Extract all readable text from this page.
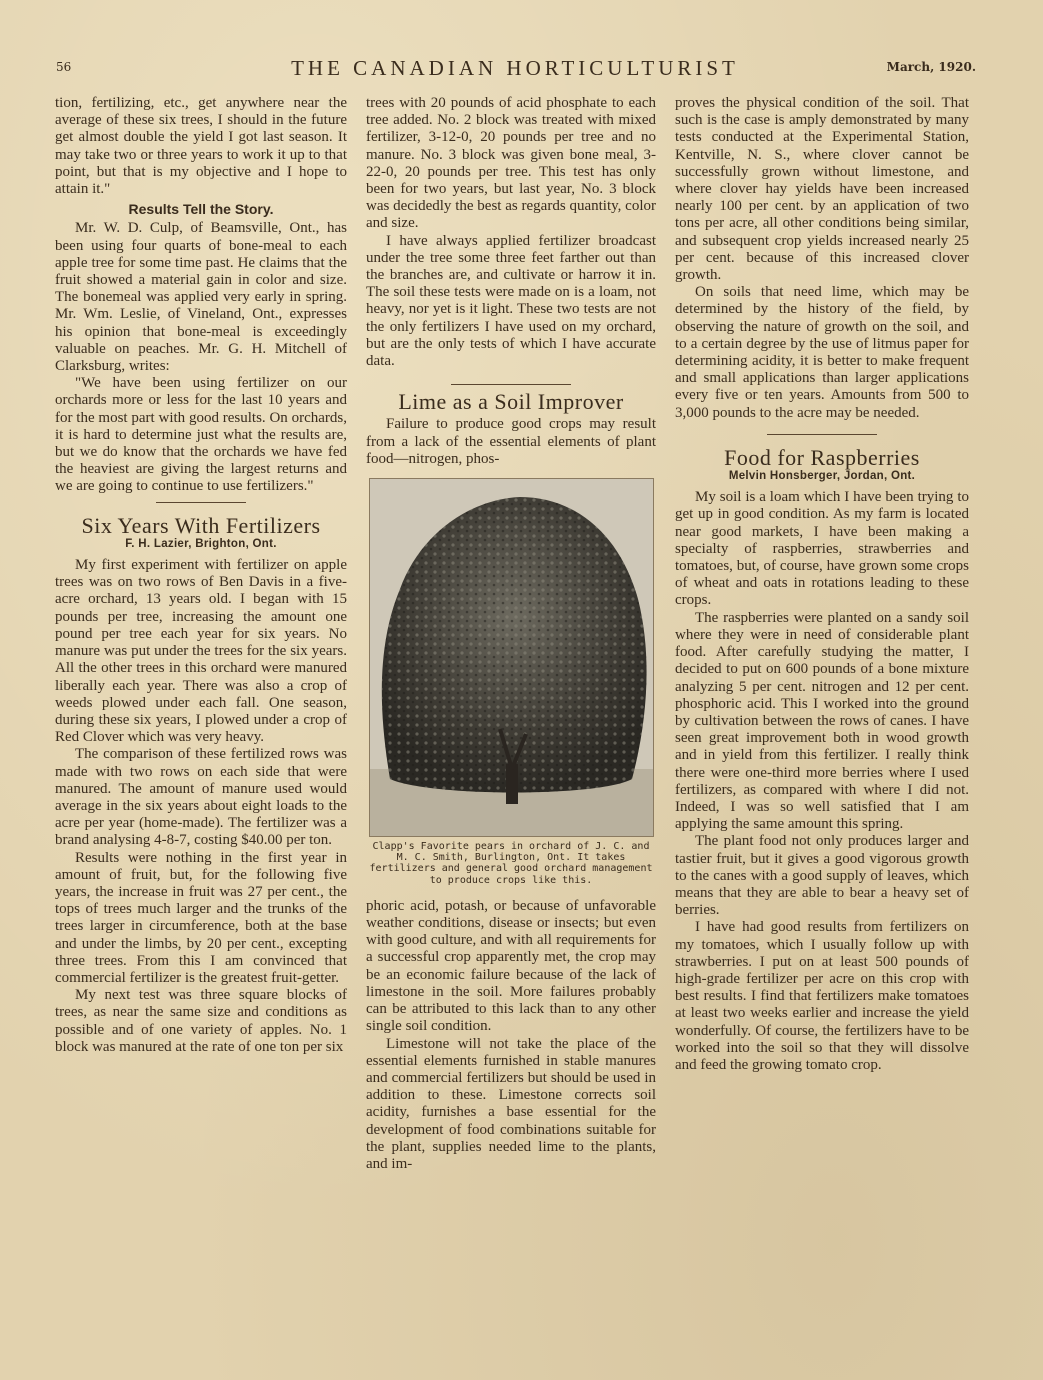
56	THE CANADIAN HORTICULTURIST	March, 1920.

tion, fertilizing, etc., get anywhere near the average of these six trees, I should in the future get almost double the yield I got last season. It may take two or three years to work it up to that point, but that is my objective and I hope to attain it."

Results Tell the Story.

Mr. W. D. Culp, of Beamsville, Ont., has been using four quarts of bone-meal to each apple tree for some time past. He claims that the fruit showed a material gain in color and size. The bonemeal was applied very early in spring. Mr. Wm. Leslie, of Vineland, Ont., expresses his opinion that bone-meal is exceedingly valuable on peaches. Mr. G. H. Mitchell of Clarksburg, writes:

"We have been using fertilizer on our orchards more or less for the last 10 years and for the most part with good results. On orchards, it is hard to determine just what the results are, but we do know that the orchards we have fed the heaviest are giving the largest returns and we are going to continue to use fertilizers."

Six Years With Fertilizers
F. H. Lazier, Brighton, Ont.

My first experiment with fertilizer on apple trees was on two rows of Ben Davis in a five-acre orchard, 13 years old. I began with 15 pounds per tree, increasing the amount one pound per tree each year for six years. No manure was put under the trees for the six years. All the other trees in this orchard were manured liberally each year. There was also a crop of weeds plowed under each fall. One season, during these six years, I plowed under a crop of Red Clover which was very heavy.

The comparison of these fertilized rows was made with two rows on each side that were manured. The amount of manure used would average in the six years about eight loads to the acre per year (home-made). The fertilizer was a brand analysing 4-8-7, costing $40.00 per ton.

Results were nothing in the first year in amount of fruit, but, for the following five years, the increase in fruit was 27 per cent., the tops of trees much larger and the trunks of the trees larger in circumference, both at the base and under the limbs, by 20 per cent., excepting three trees. From this I am convinced that commercial fertilizer is the greatest fruit-getter.

My next test was three square blocks of trees, as near the same size and conditions as possible and of one variety of apples. No. 1 block was manured at the rate of one ton per six

trees with 20 pounds of acid phosphate to each tree added. No. 2 block was treated with mixed fertilizer, 3-12-0, 20 pounds per tree and no manure. No. 3 block was given bone meal, 3-22-0, 20 pounds per tree. This test has only been for two years, but last year, No. 3 block was decidedly the best as regards quantity, color and size.

I have always applied fertilizer broadcast under the tree some three feet farther out than the branches are, and cultivate or harrow it in. The soil these tests were made on is a loam, not heavy, nor yet is it light. These two tests are not the only fertilizers I have used on my orchard, but are the only tests of which I have accurate data.

Lime as a Soil Improver

Failure to produce good crops may result from a lack of the essential elements of plant food—nitrogen, phos-

Clapp's Favorite pears in orchard of J. C. and M. C. Smith, Burlington, Ont. It takes fertilizers and general good orchard management to produce crops like this.

phoric acid, potash, or because of unfavorable weather conditions, disease or insects; but even with good culture, and with all requirements for a successful crop apparently met, the crop may be an economic failure because of the lack of limestone in the soil. More failures probably can be attributed to this lack than to any other single soil condition.

Limestone will not take the place of the essential elements furnished in stable manures and commercial fertilizers but should be used in addition to these. Limestone corrects soil acidity, furnishes a base essential for the development of food combinations suitable for the plant, supplies needed lime to the plants, and im-

proves the physical condition of the soil. That such is the case is amply demonstrated by many tests conducted at the Experimental Station, Kentville, N. S., where clover cannot be successfully grown without limestone, and where clover hay yields have been increased nearly 100 per cent. by an application of two tons per acre, all other conditions being similar, and subsequent crop yields increased nearly 25 per cent. because of this increased clover growth.

On soils that need lime, which may be determined by the history of the field, by observing the nature of growth on the soil, and to a certain degree by the use of litmus paper for determining acidity, it is better to make frequent and small applications than larger applications every five or ten years. Amounts from 500 to 3,000 pounds to the acre may be needed.

Food for Raspberries
Melvin Honsberger, Jordan, Ont.

My soil is a loam which I have been trying to get up in good condition. As my farm is located near good markets, I have been making a specialty of raspberries, strawberries and tomatoes, but, of course, have grown some crops of wheat and oats in rotations leading to these crops.

The raspberries were planted on a sandy soil where they were in need of considerable plant food. After carefully studying the matter, I decided to put on 600 pounds of a bone mixture analyzing 5 per cent. nitrogen and 12 per cent. phosphoric acid. This I worked into the ground by cultivation between the rows of canes. I have seen great improvement both in wood growth and in yield from this fertilizer. I really think there were one-third more berries where I used fertilizers, as compared with where I did not. Indeed, I was so well satisfied that I am applying the same amount this spring.

The plant food not only produces larger and tastier fruit, but it gives a good vigorous growth to the canes with a good supply of leaves, which means that they are able to bear a heavy set of berries.

I have had good results from fertilizers on my tomatoes, which I usually follow up with strawberries. I put on at least 500 pounds of high-grade fertilizer per acre on this crop with best results. I find that fertilizers make tomatoes at least two weeks earlier and increase the yield wonderfully. Of course, the fertilizers have to be worked into the soil so that they will dissolve and feed the growing tomato crop.
